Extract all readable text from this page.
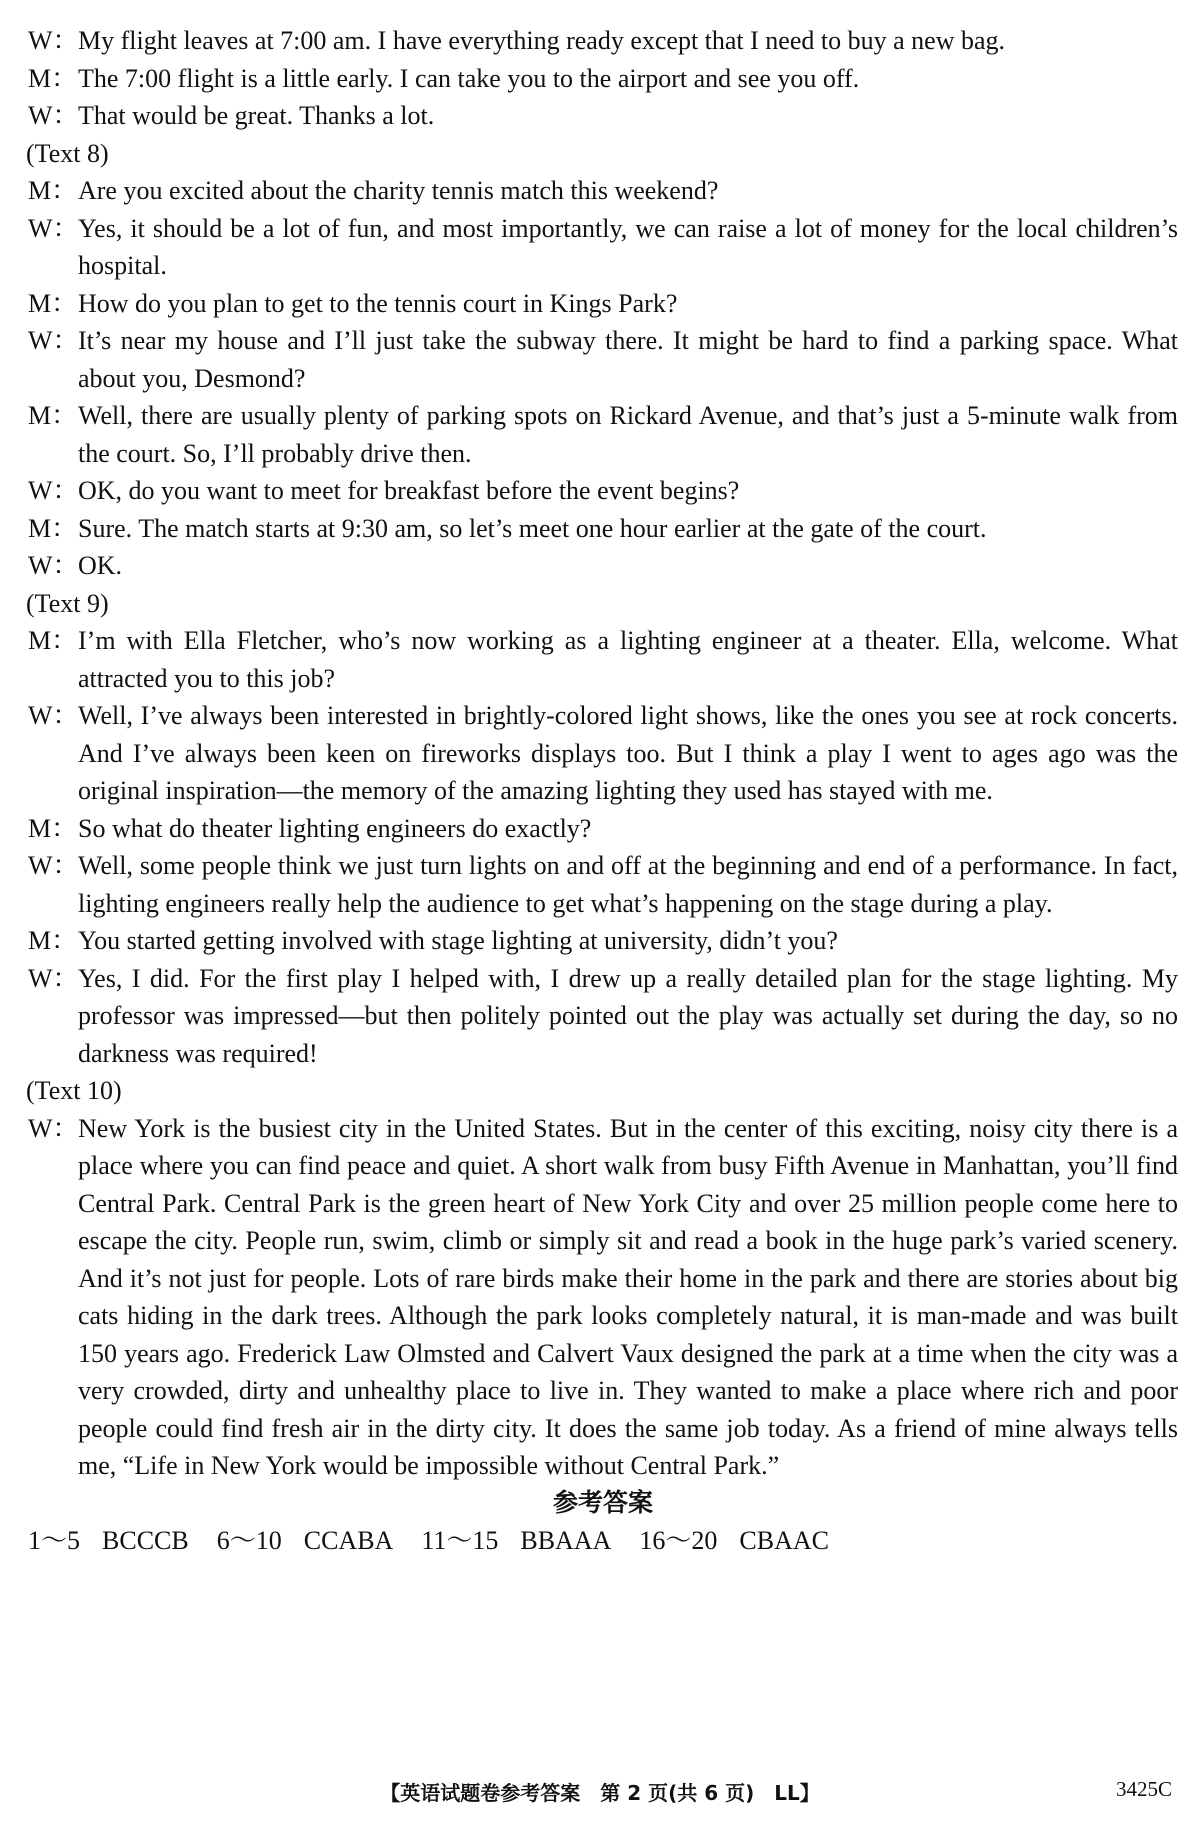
W： My flight leaves at 7:00 am. I have everything ready except that I need to buy a new bag.
M： The 7:00 flight is a little early. I can take you to the airport and see you off.
W： That would be great. Thanks a lot.
(Text 8)
M： Are you excited about the charity tennis match this weekend?
W： Yes, it should be a lot of fun, and most importantly, we can raise a lot of money for the local children’s hospital.
M： How do you plan to get to the tennis court in Kings Park?
W： It’s near my house and I’ll just take the subway there. It might be hard to find a parking space. What about you, Desmond?
M： Well, there are usually plenty of parking spots on Rickard Avenue, and that’s just a 5-minute walk from the court. So, I’ll probably drive then.
W： OK, do you want to meet for breakfast before the event begins?
M： Sure. The match starts at 9:30 am, so let’s meet one hour earlier at the gate of the court.
W： OK.
(Text 9)
M： I’m with Ella Fletcher, who’s now working as a lighting engineer at a theater. Ella, welcome. What attracted you to this job?
W： Well, I’ve always been interested in brightly-colored light shows, like the ones you see at rock concerts. And I’ve always been keen on fireworks displays too. But I think a play I went to ages ago was the original inspiration—the memory of the amazing lighting they used has stayed with me.
M： So what do theater lighting engineers do exactly?
W： Well, some people think we just turn lights on and off at the beginning and end of a performance. In fact, lighting engineers really help the audience to get what’s happening on the stage during a play.
M： You started getting involved with stage lighting at university, didn’t you?
W： Yes, I did. For the first play I helped with, I drew up a really detailed plan for the stage lighting. My professor was impressed—but then politely pointed out the play was actually set during the day, so no darkness was required!
(Text 10)
W： New York is the busiest city in the United States. But in the center of this exciting, noisy city there is a place where you can find peace and quiet. A short walk from busy Fifth Avenue in Manhattan, you’ll find Central Park. Central Park is the green heart of New York City and over 25 million people come here to escape the city. People run, swim, climb or simply sit and read a book in the huge park’s varied scenery. And it’s not just for people. Lots of rare birds make their home in the park and there are stories about big cats hiding in the dark trees. Although the park looks completely natural, it is man-made and was built 150 years ago. Frederick Law Olmsted and Calvert Vaux designed the park at a time when the city was a very crowded, dirty and unhealthy place to live in. They wanted to make a place where rich and poor people could find fresh air in the dirty city. It does the same job today. As a friend of mine always tells me, “Life in New York would be impossible without Central Park.”
参考答案
1～5 BCCCB 6～10 CCABA 11～15 BBAAA 16～20 CBAAC
【英语试题卷参考答案　第 2 页(共 6 页)　LL】	3425C
